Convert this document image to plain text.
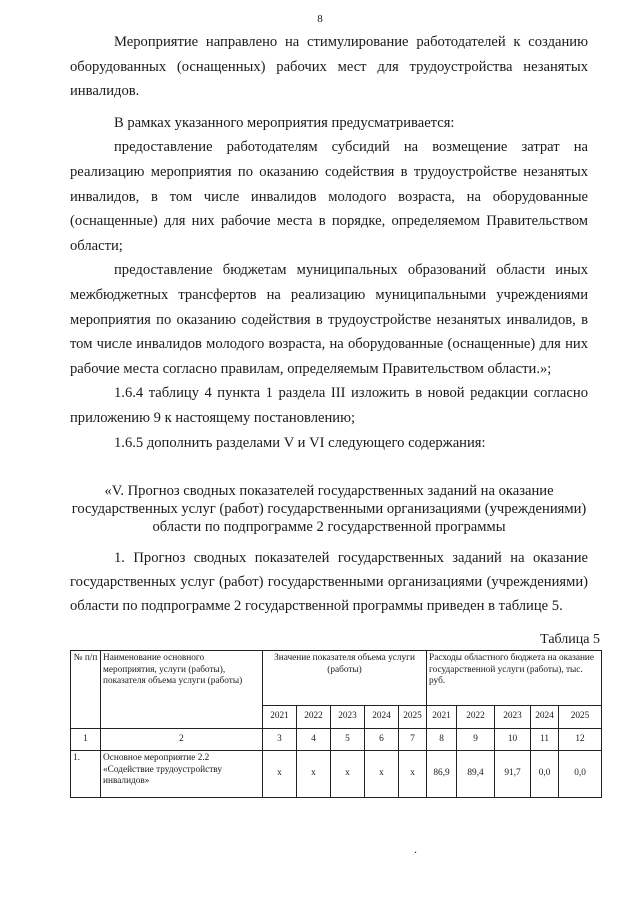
8

Мероприятие направлено на стимулирование работодателей к созданию оборудованных (оснащенных) рабочих мест для трудоустройства незанятых инвалидов.

В рамках указанного мероприятия предусматривается:

предоставление работодателям субсидий на возмещение затрат на реализацию мероприятия по оказанию содействия в трудоустройстве незанятых инвалидов, в том числе инвалидов молодого возраста, на оборудованные (оснащенные) для них рабочие места в порядке, определяемом Правительством области;

предоставление бюджетам муниципальных образований области иных межбюджетных трансфертов на реализацию муниципальными учреждениями мероприятия по оказанию содействия в трудоустройстве незанятых инвалидов, в том числе инвалидов молодого возраста, на оборудованные (оснащенные) для них рабочие места согласно правилам, определяемым Правительством области.»;

1.6.4 таблицу 4 пункта 1 раздела III изложить в новой редакции согласно приложению 9 к настоящему постановлению;

1.6.5 дополнить разделами V и VI следующего содержания:

«V. Прогноз сводных показателей государственных заданий на оказание государственных услуг (работ) государственными организациями (учреждениями) области по подпрограмме 2 государственной программы

1. Прогноз сводных показателей государственных заданий на оказание государственных услуг (работ) государственными организациями (учреждениями) области по подпрограмме 2 государственной программы приведен в таблице 5.

Таблица 5
№ п/п	Наименование основного мероприятия, услуги (работы), показателя объема услуги (работы)	Значение показателя объема услуги (работы)					Расходы областного бюджета на оказание государственной услуги (работы), тыс. руб.				
		2021	2022	2023	2024	2025	2021	2022	2023	2024	2025
1	2	3	4	5	6	7	8	9	10	11	12
1.	Основное мероприятие 2.2 «Содействие трудоустройству инвалидов»	х	х	х	х	х	86,9	89,4	91,7	0,0	0,0
.
